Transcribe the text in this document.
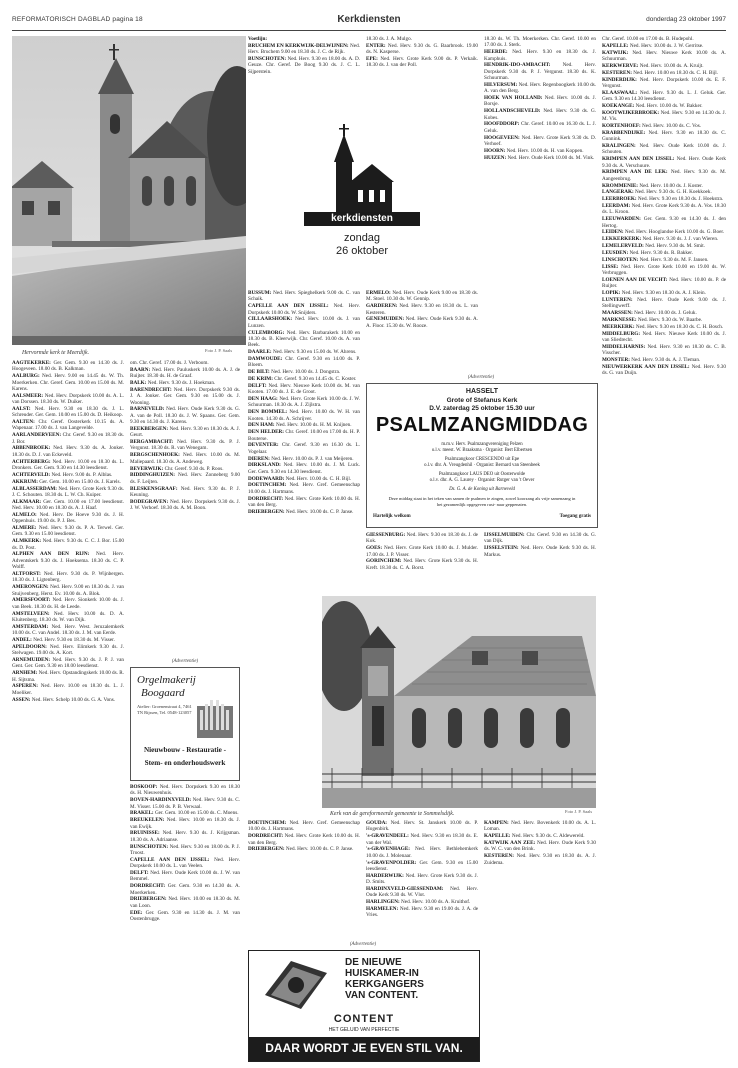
REFORMATORISCH DAGBLAD pagina 18	Kerkdiensten	donderdag 23 oktober 1997
Hervormde kerk te Meerdijk.	Foto J. P. Saals
kerkdiensten
zondag
26 oktober

AAGTEKERKE: Ger. Gem. 9.30 en 14.30 ds. J. Hoogeveen. 18.00 ds. B. Kalkman.

AALBURG: Ned. Herv. 9.00 en 14.45 ds. W. Th. Moerkerken. Chr. Geref. Gem. 10.00 en 15.00 ds. M. Karens.

AALSMEER: Ned. Herv. Dorpskerk 10.00 ds. A. L. van Dorssen. 18.30 ds. W. Duiker.

AALST: Ned. Herv. 9.30 en 18.30 ds. J. L. Schreuder. Ger. Gem. 10.00 en 15.00 ds. D. Heikoop.

AALTEN: Chr. Geref. Oosterkerk 10.15 ds. A. Wapenaar. 17.00 ds. J. van Langevelde.

AARLANDERVEEN: Chr. Geref. 9.30 en 18.30 ds. J. Bor.

ABBENBROEK: Ned. Herv. 9.30 ds. A. Jonker. 18.30 ds. D. J. van Eckeveld.

ACHTERBERG: Ned. Herv. 10.00 en 18.30 ds. L. Dronkers. Ger. Gem. 9.30 en 14.30 leesdienst.

ACHTERVELD: Ned. Herv. 9.00 ds. P. Alblas.

AKKRUM: Ger. Gem. 10.00 en 15.00 ds. J. Karels.

ALBLASSERDAM: Ned. Herv. Grote Kerk 9.30 ds. J. C. Schouten. 18.30 ds. L. W. Ch. Kuiper.

ALKMAAR: Ger. Gem. 10.00 en 17.00 leesdienst. Ned. Herv. 10.00 en 18.30 ds. A. J. Haaf.

ALMELO: Ned. Herv. De Hoeve 9.30 ds. J. H. Oppenhuis. 19.00 ds. P. J. Bes.

ALMERE: Ned. Herv. 9.30 ds. P. A. Terwel. Ger. Gem. 9.30 en 15.00 leesdienst.

ALMKERK: Ned. Herv. 9.30 ds. C. C. J. Bor. 15.00 ds. D. Post.

ALPHEN AAN DEN RIJN: Ned. Herv. Adventskerk 9.30 ds. J. Hoeksema. 18.30 ds. C. P. Wolff.

ALTFORST: Ned. Herv. 9.30 ds. P. Wijnbergen. 18.30 ds. J. Ligtenberg.

AMERONGEN: Ned. Herv. 9.00 en 18.30 ds. J. van Stuijvenberg. Herst. Ev. 10.00 ds. A. Blok.

AMERSFOORT: Ned. Herv. Sionkerk 10.00 ds. J. van Beek. 18.30 ds. H. de Leede.

AMSTELVEEN: Ned. Herv. 10.00 ds. D. A. Kluitenberg. 18.30 ds. W. van Dijk.

AMSTERDAM: Ned. Herv. West. Jeruzalemkerk 10.00 ds. C. van Andel. 18.30 ds. J. M. van Eerde.

ANDEL: Ned. Herv. 9.30 en 18.30 ds. M. Visser.

APELDOORN: Ned. Herv. Elimkerk 9.30 ds. J. Stelwagen. 19.00 ds. A. Kort.

ARNEMUIDEN: Ned. Herv. 9.30 ds. J. P. J. van Gent. Ger. Gem. 9.30 en 18.00 leesdienst.

ARNHEM: Ned. Herv. Opstandingskerk 10.00 ds. R. H. Sijtsma.

ASPEREN: Ned. Herv. 10.00 en 18.30 ds. L. J. Moeliker.

ASSEN: Ned. Herv. Schelp 10.00 ds. G. A. Vons.

om. Chr. Geref. 17.00 ds. J. Verboom.

BAARN: Ned. Herv. Pauluskerk 10.00 ds. A. J. de Ruijter. 18.30 ds. H. de Graaf.

BALK: Ned. Herv. 9.30 ds. J. Hoekman.

BARENDRECHT: Ned. Herv. Dorpskerk 9.30 ds. J. A. Jonker. Ger. Gem. 9.30 en 15.00 ds. J. Wooning.

BARNEVELD: Ned. Herv. Oude Kerk 9.30 ds. G. A. van de Poll. 18.30 ds. J. W. Spaans. Ger. Gem. 9.30 en 14.30 ds. J. Karens.

BEEKBERGEN: Ned. Herv. 9.30 en 18.30 ds. A. J. Geurt.

BERGAMBACHT: Ned. Herv. 9.30 ds. P. J. Vergunst. 18.30 ds. R. van Wenegam.

BERGSCHENHOEK: Ned. Herv. 10.00 ds. M. Maliepaard. 18.30 ds. A. Andeweg.

BEVERWIJK: Chr. Geref. 9.30 ds. P. Roos.

BIDDINGHUIZEN: Ned. Herv. Zonneberg 9.00 ds. F. Leijten.

BLESKENSGRAAF: Ned. Herv. 9.30 ds. P. J. Keuning.

BODEGRAVEN: Ned. Herv. Dorpskerk 9.30 ds. J. J. W. Verhoef. 18.30 ds. A. M. Boon.

(Advertentie)
Orgelmakerij
Boogaard
Atelier: Groenenstraat 4, 7461 TN Rijssen, Tel. 0548-123057
Nieuwbouw - Restauratie -
Stem- en onderhoudswerk

BOSKOOP: Ned. Herv. Dorpskerk 9.30 en 18.30 ds. H. Nieuwenhuis.

BOVEN-HARDINXVELD: Ned. Herv. 9.30 ds. C. M. Visser. 15.00 ds. P. B. Verwaal.

BRAKEL: Ger. Gem. 10.00 en 15.00 ds. C. Moens.

BREUKELEN: Ned. Herv. 10.00 en 18.30 ds. J. van Ewijk.

BRUINISSE: Ned. Herv. 9.30 ds. J. Krijgsman. 18.30 ds. A. Adriaanse.

BUNSCHOTEN: Ned. Herv. 9.30 en 18.00 ds. P. J. Troost.

CAPELLE AAN DEN IJSSEL: Ned. Herv. Dorpskerk 10.00 ds. L. van Veelen.

DELFT: Ned. Herv. Oude Kerk 10.00 ds. J. W. van Bemmel.

DORDRECHT: Ger. Gem. 9.30 en 14.30 ds. A. Moerkerken.

DRIEBERGEN: Ned. Herv. 10.00 en 18.30 ds. M. van Loon.

EDE: Ger. Gem. 9.30 en 14.30 ds. J. M. van Oostenbrugge.

Voetlijn:

BRUCHEM EN KERKWIJK-DELWIJNEN: Ned. Herv. Bruchem 9.00 en 18.30 ds. J. C. de Rijk.

BUNSCHOTEN: Ned. Herv. 9.30 en 18.00 ds. A. D. Geuze. Chr. Geref. De Boog 9.30 ds. J. C. L. Sijperstein.

BUSSUM: Ned. Herv. Spieghelkerk 9.00 ds. C. van Schaik.

CAPELLE AAN DEN IJSSEL: Ned. Herv. Dorpskerk 10.00 ds. W. Snijders.

CILLAARSHOEK: Ned. Herv. 10.00 ds. J. van Lunzen.

CULEMBORG: Ned. Herv. Barbarakerk 10.00 en 18.30 ds. B. Kleerwijk. Chr. Geref. 10.00 ds. A. van Beek.

DAARLE: Ned. Herv. 9.30 en 15.00 ds. W. Ahrens.

DAMWOUDE: Chr. Geref. 9.30 en 14.00 ds. P. Bloem.

DE BILT: Ned. Herv. 10.00 ds. J. Dongstra.

DE KRIM: Chr. Geref. 9.30 en 14.45 ds. C. Koster.

DELFT: Ned. Herv. Nieuwe Kerk 10.00 ds. M. van Kooten. 17.00 ds. J. E. de Groot.

DEN HAAG: Ned. Herv. Grote Kerk 10.00 ds. J. W. Schuurman. 18.30 ds. A. J. Zijlstra.

DEN BOMMEL: Ned. Herv. 10.00 ds. W. H. van Kooten. 14.30 ds. A. Schrijver.

DEN HAM: Ned. Herv. 10.00 ds. H. M. Knijnen.

DEN HELDER: Chr. Geref. 10.00 en 17.00 ds. H. P. Bouterse.

DEVENTER: Chr. Geref. 9.30 en 16.30 ds. L. Vogelaar.

DIEREN: Ned. Herv. 10.00 ds. P. J. van Meijeren.

DIRKSLAND: Ned. Herv. 10.00 ds. J. M. Luck. Ger. Gem. 9.30 en 14.30 leesdienst.

DODEWAARD: Ned. Herv. 10.00 ds. C. H. Bijl.

DOETINCHEM: Ned. Herv. Gref. Gemeenschap 10.00 ds. J. Hartmans.

DORDRECHT: Ned. Herv. Grote Kerk 10.00 ds. H. van den Berg.

DRIEBERGEN: Ned. Herv. 10.00 ds. C. P. Janse.

18.30 ds. J. A. Mulgo.

ENTER: Ned. Herv. 9.30 ds. G. Baarbrook. 19.00 ds. N. Kasperse.

EPE: Ned. Herv. Grote Kerk 9.00 ds. P. Verkaik. 18.30 ds. J. van der Poll.

ERMELO: Ned. Herv. Oude Kerk 9.00 en 18.30 ds. M. Stoel. 10.30 ds. W. Gennip.

GARDEREN: Ned. Herv. 9.30 en 18.30 ds. L. van Kesteren.

GENEMUIDEN: Ned. Herv. Oude Kerk 9.30 ds. A. A. Floor. 15.30 ds. W. Rooze.

18.30 ds. W. Th. Moerkerken. Chr. Geref. 10.00 en 17.00 ds. J. Sterk.

HEERDE: Ned. Herv. 9.30 en 18.30 ds. J. Kamphuis.

HENDRIK-IDO-AMBACHT: Ned. Herv. Dorpskerk 9.30 ds. P. J. Vergunst. 18.30 ds. K. Schuurman.

HILVERSUM: Ned. Herv. Regenboogkerk 10.00 ds. A. van den Berg.

HOEK VAN HOLLAND: Ned. Herv. 10.00 ds. J. Borsje.

HOLLANDSCHEVELD: Ned. Herv. 9.30 ds. G. Kobes.

HOOFDDORP: Chr. Geref. 10.00 en 16.30 ds. L. J. Geluk.

HOOGEVEEN: Ned. Herv. Grote Kerk 9.30 ds. D. Verhoef.

HOORN: Ned. Herv. 10.00 ds. H. van Koppen.

HUIZEN: Ned. Herv. Oude Kerk 10.00 ds. M. Vink.

Chr. Geref. 10.00 en 17.00 ds. B. Hudepohl.

KAPELLE: Ned. Herv. 10.00 ds. J. W. Gerritse.

KATWIJK: Ned. Herv. Nieuwe Kerk 10.00 ds. A. Schuurman.

KERKWERVE: Ned. Herv. 10.00 ds. A. Kruijt.

KESTEREN: Ned. Herv. 10.00 en 18.30 ds. C. H. Bijl.

KINDERDIJK: Ned. Herv. Dorpskerk 10.00 ds. E. F. Vergunst.

KLAASWAAL: Ned. Herv. 9.30 ds. L. J. Geluk. Ger. Gem. 9.30 en 14.30 leesdienst.

KOEKANGE: Ned. Herv. 10.00 ds. W. Bakker.

KOOTWIJKERBROEK: Ned. Herv. 9.30 en 14.30 ds. J. M. Vis.

KORTENHOEF: Ned. Herv. 10.00 ds. C. Vos.

KRABBENDIJKE: Ned. Herv. 9.30 en 18.30 ds. C. Gunnink.

KRALINGEN: Ned. Herv. Oude Kerk 10.00 ds. J. Schouten.

KRIMPEN AAN DEN IJSSEL: Ned. Herv. Oude Kerk 9.30 ds. A. Verschuure.

KRIMPEN AAN DE LEK: Ned. Herv. 9.30 ds. M. Aangeenbrug.

KROMMENIE: Ned. Herv. 10.00 ds. J. Koster.

LANGERAK: Ned. Herv. 9.30 ds. G. H. Koekkoek.

LEERBROEK: Ned. Herv. 9.30 en 18.30 ds. J. Hoekstra.

LEERDAM: Ned. Herv. Grote Kerk 9.30 ds. A. Vos. 18.30 ds. L. Kroon.

LEEUWARDEN: Ger. Gem. 9.30 en 14.30 ds. J. den Hertog.

LEIDEN: Ned. Herv. Hooglandse Kerk 10.00 ds. G. Boer.

LEKKERKERK: Ned. Herv. 9.30 ds. J. J. van Wieren.

LEMELERVELD: Ned. Herv. 9.30 ds. M. Smit.

LEUSDEN: Ned. Herv. 9.30 ds. R. Bakker.

LINSCHOTEN: Ned. Herv. 9.30 ds. M. F. Jansen.

LISSE: Ned. Herv. Grote Kerk 10.00 en 19.00 ds. W. Verbruggen.

LOENEN AAN DE VECHT: Ned. Herv. 10.00 ds. P. de Ruijter.

LOPIK: Ned. Herv. 9.30 en 18.30 ds. A. J. Klein.

LUNTEREN: Ned. Herv. Oude Kerk 9.00 ds. J. Stellingwerff.

MAARSSEN: Ned. Herv. 10.00 ds. J. Geluk.

MARKNESSE: Ned. Herv. 9.30 ds. W. Baarbe.

MEERKERK: Ned. Herv. 9.30 en 18.30 ds. C. H. Bosch.

MIDDELBURG: Ned. Herv. Nieuwe Kerk 10.00 ds. J. van Sliedrecht.

MIDDELHARNIS: Ned. Herv. 9.30 en 18.30 ds. C. B. Visscher.

MONSTER: Ned. Herv. 9.30 ds. A. J. Tieman.

NIEUWERKERK AAN DEN IJSSEL: Ned. Herv. 9.30 ds. G. van Duijn.

(Advertentie)
HASSELT
Grote of Stefanus Kerk
D.V. zaterdag 25 oktober 15.30 uur
PSALMZANGMIDDAG
m.m.v. Herv. Psalmzangvereniging Pelzen
o.l.v. meest. W. Braaksma · Organist: Bert Elbertsen
Psalmzangkoor CRESCENDO uit Epe
o.l.v. dhr. A. Vreugdenhil · Organist: Bernard van Steenbeek
Psalmzangkoor LAUS DEO uit Oosterwolde
o.l.v. dhr. A. G. Laurey · Organist: Rutger van 't Oever
Ds. G. A. de Koning uit Barneveld
Deze middag staat in het teken van samen de psalmen te zingen, zowel koorzang als vrije samenzang in het gezamenlijk opgegeven rust- naar geppenaten.
Hartelijk welkom	Toegang gratis

GIESSENBURG: Ned. Herv. 9.30 en 18.30 ds. J. de Kok.

GOES: Ned. Herv. Grote Kerk 10.00 ds. J. Mulder. 17.00 ds. J. P. Visser.

GORINCHEM: Ned. Herv. Grote Kerk 9.30 ds. H. Kreft. 18.30 ds. C. A. Borst.

IJSSELMUIDEN: Chr. Geref. 9.30 en 14.30 ds. G. van Dijk.

IJSSELSTEIN: Ned. Herv. Oude Kerk 9.30 ds. H. Markus.

Kerk van de gereformeerde gemeente te Sommelsdijk.	Foto J. P. Saals

GOUDA: Ned. Herv. St. Janskerk 10.00 ds. P. Hogenbirk.

's-GRAVENDEEL: Ned. Herv. 9.30 en 18.30 ds. E. van der Wal.

's-GRAVENHAGE: Ned. Herv. Bethlehemkerk 10.00 ds. J. Molenaar.

's-GRAVENPOLDER: Ger. Gem. 9.30 en 15.00 leesdienst.

HARDERWIJK: Ned. Herv. Grote Kerk 9.30 ds. J. D. Smits.

HARDINXVELD-GIESSENDAM: Ned. Herv. Oude Kerk 9.30 ds. W. Vlot.

HARLINGEN: Ned. Herv. 10.00 ds. A. Kruithof.

HARMELEN: Ned. Herv. 9.30 en 19.00 ds. J. A. de Vries.

KAMPEN: Ned. Herv. Bovenkerk 10.00 ds. A. L. Loman.

KAPELLE: Ned. Herv. 9.30 ds. C. Aldewereld.

KATWIJK AAN ZEE: Ned. Herv. Oude Kerk 9.30 ds. W. C. van den Brink.

KESTEREN: Ned. Herv. 9.30 en 18.30 ds. A. J. Zuidema.

DOETINCHEM: Ned. Herv. Gref. Gemeenschap 10.00 ds. J. Hartmans.

DORDRECHT: Ned. Herv. Grote Kerk 10.00 ds. H. van den Berg.

DRIEBERGEN: Ned. Herv. 10.00 ds. C. P. Janse.

(Advertentie)
DE NIEUWE
HUISKAMER-IN
KERKGANGERS
VAN CONTENT.
CONTENT
HET GELUID VAN PERFECTIE
DAAR WORDT JE EVEN STIL VAN.
